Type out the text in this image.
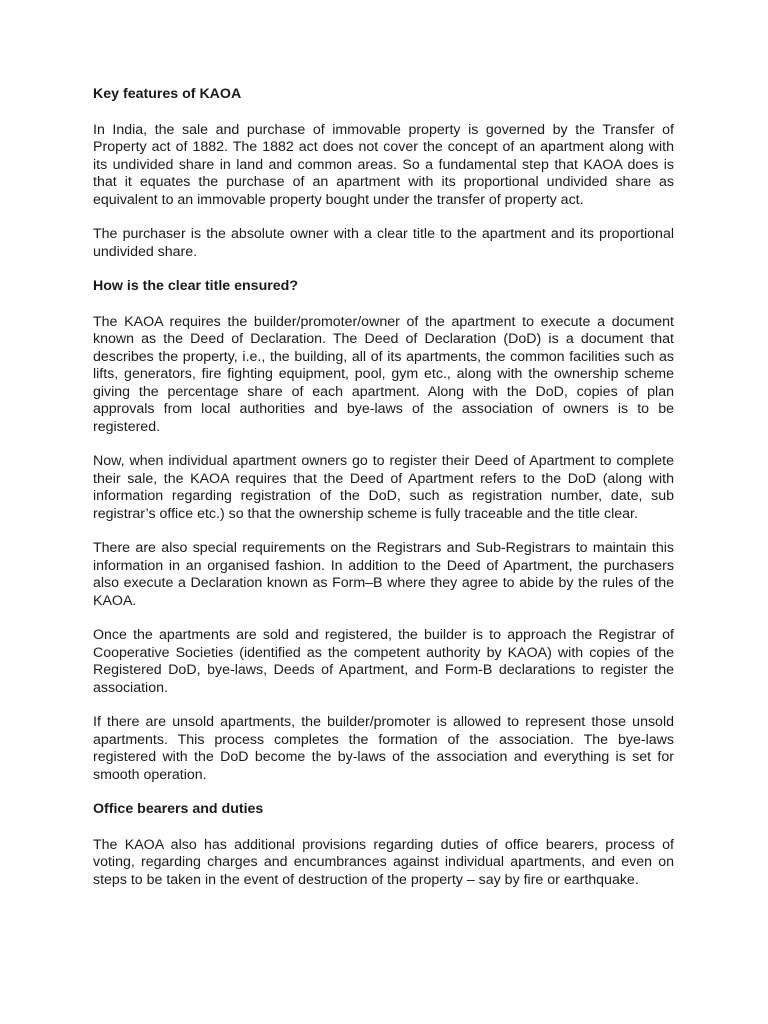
Key features of KAOA

In India, the sale and purchase of immovable property is governed by the Transfer of Property act of 1882. The 1882 act does not cover the concept of an apartment along with its undivided share in land and common areas. So a fundamental step that KAOA does is that it equates the purchase of an apartment with its proportional undivided share as equivalent to an immovable property bought under the transfer of property act.

The purchaser is the absolute owner with a clear title to the apartment and its proportional undivided share.

How is the clear title ensured?

The KAOA requires the builder/promoter/owner of the apartment to execute a document known as the Deed of Declaration. The Deed of Declaration (DoD) is a document that describes the property, i.e., the building, all of its apartments, the common facilities such as lifts, generators, fire fighting equipment, pool, gym etc., along with the ownership scheme giving the percentage share of each apartment. Along with the DoD, copies of plan approvals from local authorities and bye-laws of the association of owners is to be registered.

Now, when individual apartment owners go to register their Deed of Apartment to complete their sale, the KAOA requires that the Deed of Apartment refers to the DoD (along with information regarding registration of the DoD, such as registration number, date, sub registrar’s office etc.) so that the ownership scheme is fully traceable and the title clear.

There are also special requirements on the Registrars and Sub-Registrars to maintain this information in an organised fashion. In addition to the Deed of Apartment, the purchasers also execute a Declaration known as Form–B where they agree to abide by the rules of the KAOA.

Once the apartments are sold and registered, the builder is to approach the Registrar of Cooperative Societies (identified as the competent authority by KAOA) with copies of the Registered DoD, bye-laws, Deeds of Apartment, and Form-B declarations to register the association.

If there are unsold apartments, the builder/promoter is allowed to represent those unsold apartments. This process completes the formation of the association. The bye-laws registered with the DoD become the by-laws of the association and everything is set for smooth operation.

Office bearers and duties

The KAOA also has additional provisions regarding duties of office bearers, process of voting, regarding charges and encumbrances against individual apartments, and even on steps to be taken in the event of destruction of the property – say by fire or earthquake.
